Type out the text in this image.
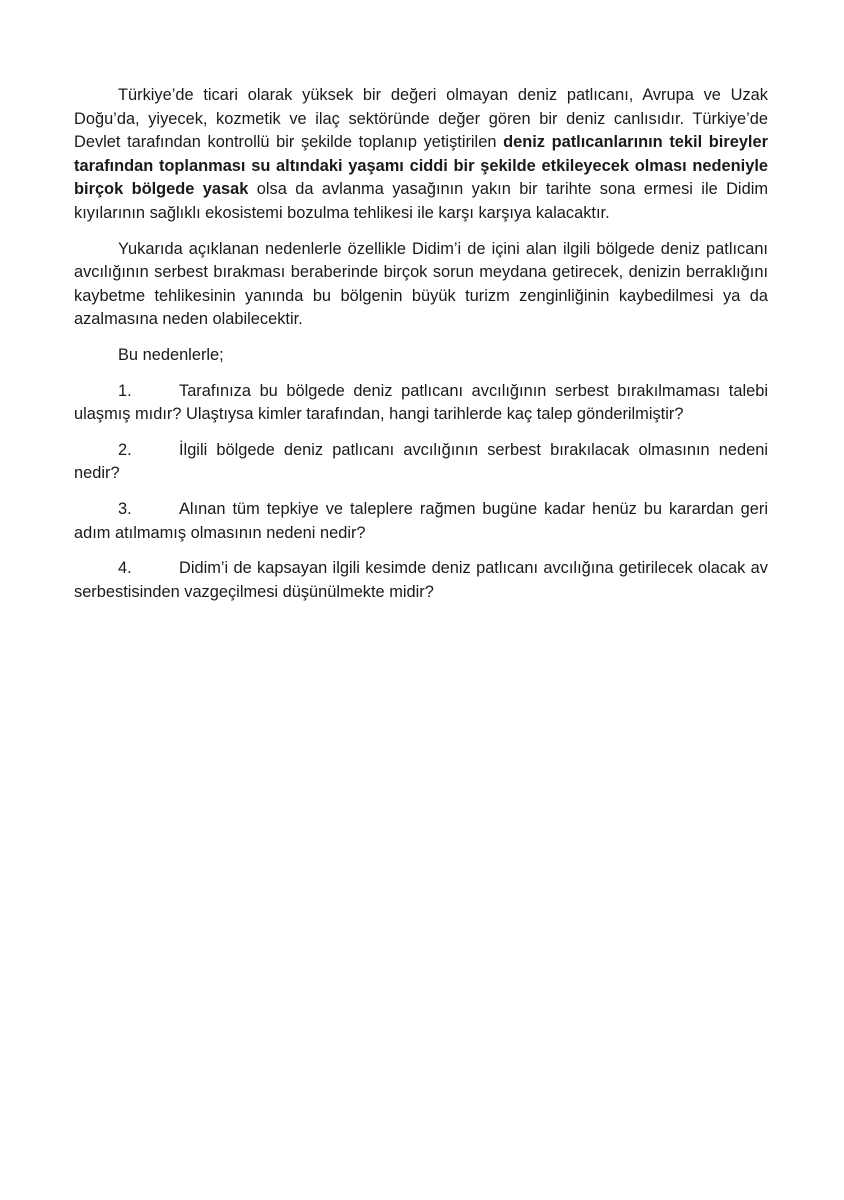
Türkiye’de ticari olarak yüksek bir değeri olmayan deniz patlıcanı, Avrupa ve Uzak Doğu’da, yiyecek, kozmetik ve ilaç sektöründe değer gören bir deniz canlısıdır. Türkiye’de Devlet tarafından kontrollü bir şekilde toplanıp yetiştirilen deniz patlıcanlarının tekil bireyler tarafından toplanması su altındaki yaşamı ciddi bir şekilde etkileyecek olması nedeniyle birçok bölgede yasak olsa da avlanma yasağının yakın bir tarihte sona ermesi ile Didim kıyılarının sağlıklı ekosistemi bozulma tehlikesi ile karşı karşıya kalacaktır.

Yukarıda açıklanan nedenlerle özellikle Didim’i de içini alan ilgili bölgede deniz patlıcanı avcılığının serbest bırakması beraberinde birçok sorun meydana getirecek, denizin berraklığını kaybetme tehlikesinin yanında bu bölgenin büyük turizm zenginliğinin kaybedilmesi ya da azalmasına neden olabilecektir.

Bu nedenlerle;

1.	Tarafınıza bu bölgede deniz patlıcanı avcılığının serbest bırakılmaması talebi ulaşmış mıdır? Ulaştıysa kimler tarafından, hangi tarihlerde kaç talep gönderilmiştir?

2.	İlgili bölgede deniz patlıcanı avcılığının serbest bırakılacak olmasının nedeni nedir?

3.	Alınan tüm tepkiye ve taleplere rağmen bugüne kadar henüz bu karardan geri adım atılmamış olmasının nedeni nedir?

4.	Didim’i de kapsayan ilgili kesimde deniz patlıcanı avcılığına getirilecek olacak av serbestisinden vazgeçilmesi düşünülmekte midir?
